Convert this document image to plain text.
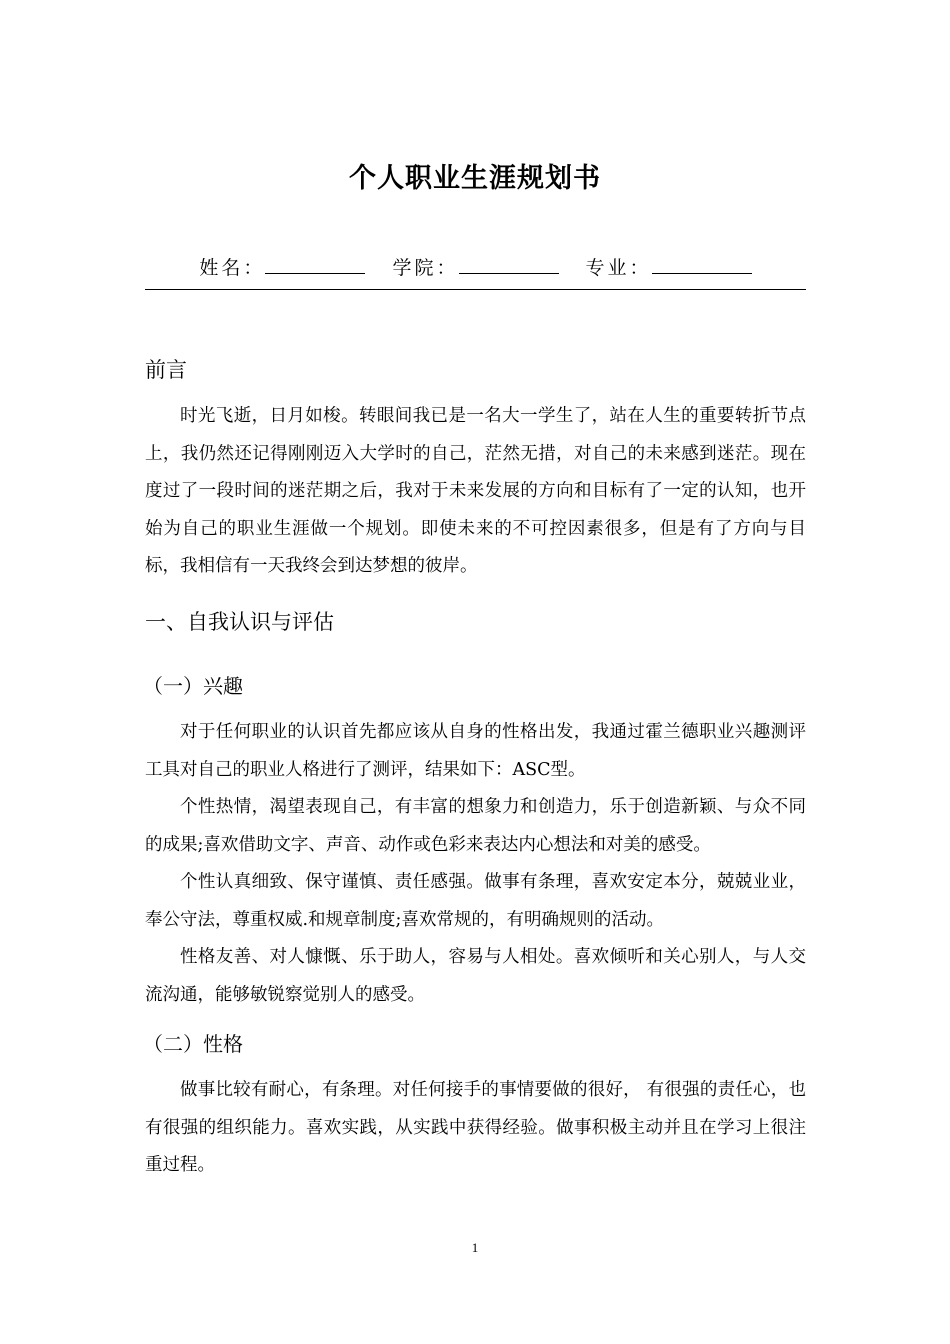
个人职业生涯规划书
姓名：	学院：	专业：
前言
时光飞逝，日月如梭。转眼间我已是一名大一学生了，站在人生的重要转折节点上，我仍然还记得刚刚迈入大学时的自己，茫然无措，对自己的未来感到迷茫。现在度过了一段时间的迷茫期之后，我对于未来发展的方向和目标有了一定的认知，也开始为自己的职业生涯做一个规划。即使未来的不可控因素很多，但是有了方向与目标，我相信有一天我终会到达梦想的彼岸。
一、自我认识与评估
（一）兴趣
对于任何职业的认识首先都应该从自身的性格出发，我通过霍兰德职业兴趣测评工具对自己的职业人格进行了测评，结果如下：ASC型。
个性热情，渴望表现自己，有丰富的想象力和创造力，乐于创造新颖、与众不同的成果;喜欢借助文字、声音、动作或色彩来表达内心想法和对美的感受。
个性认真细致、保守谨慎、责任感强。做事有条理，喜欢安定本分，兢兢业业，奉公守法，尊重权威.和规章制度;喜欢常规的，有明确规则的活动。
性格友善、对人慷慨、乐于助人，容易与人相处。喜欢倾听和关心别人，与人交流沟通，能够敏锐察觉别人的感受。
（二）性格
做事比较有耐心，有条理。对任何接手的事情要做的很好， 有很强的责任心，也有很强的组织能力。喜欢实践，从实践中获得经验。做事积极主动并且在学习上很注重过程。
1
